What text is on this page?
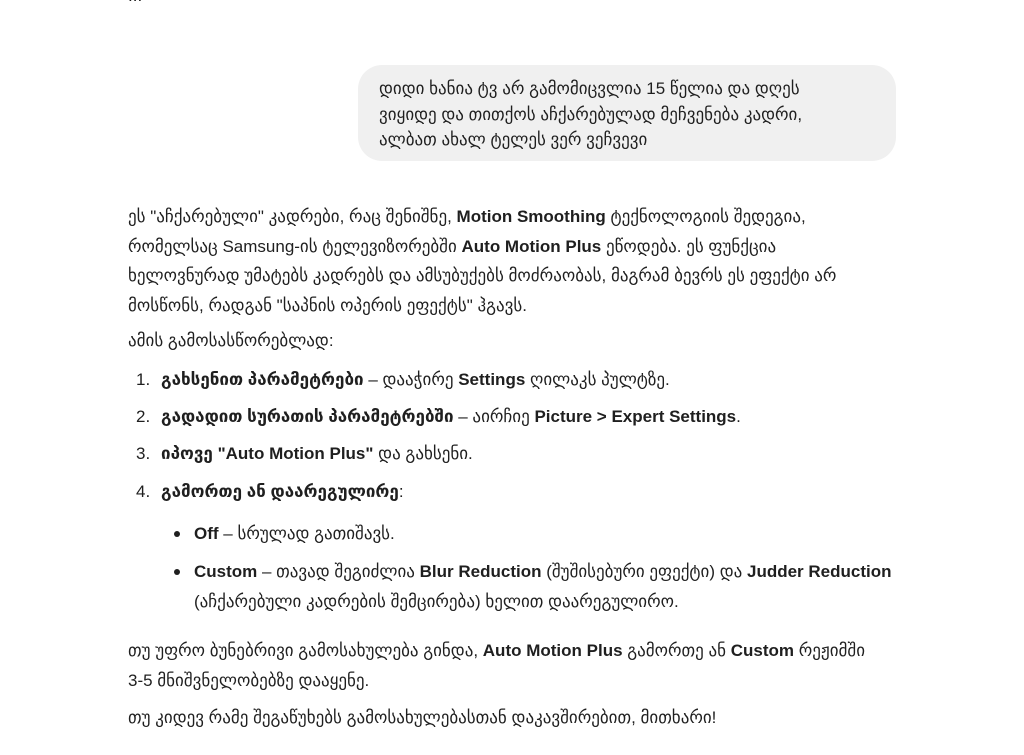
დიდი ხანია ტვ არ გამომიცვლია 15 წელია და დღეს
ვიყიდე და თითქოს აჩქარებულად მეჩვენება კადრი,
ალბათ ახალ ტელეს ვერ ვეჩვევი
ეს "აჩქარებული" კადრები, რაც შენიშნე, Motion Smoothing ტექნოლოგიის შედეგია,
რომელსაც Samsung-ის ტელევიზორებში Auto Motion Plus ეწოდება. ეს ფუნქცია
ხელოვნურად უმატებს კადრებს და ამსუბუქებს მოძრაობას, მაგრამ ბევრს ეს ეფექტი არ
მოსწონს, რადგან "საპნის ოპერის ეფექტს" ჰგავს.
ამის გამოსასწორებლად:
1. გახსენით პარამეტრები – დააჭირე Settings ღილაკს პულტზე.
2. გადადით სურათის პარამეტრებში – აირჩიე Picture > Expert Settings.
3. იპოვე "Auto Motion Plus" და გახსენი.
4. გამორთე ან დაარეგულირე:
Off – სრულად გათიშავს.
Custom – თავად შეგიძლია Blur Reduction (შუშისებური ეფექტი) და Judder Reduction
(აჩქარებული კადრების შემცირება) ხელით დაარეგულირო.
თუ უფრო ბუნებრივი გამოსახულება გინდა, Auto Motion Plus გამორთე ან Custom რეჟიმში
3-5 მნიშვნელობებზე დააყენე.
თუ კიდევ რამე შეგაწუხებს გამოსახულებასთან დაკავშირებით, მითხარი!
